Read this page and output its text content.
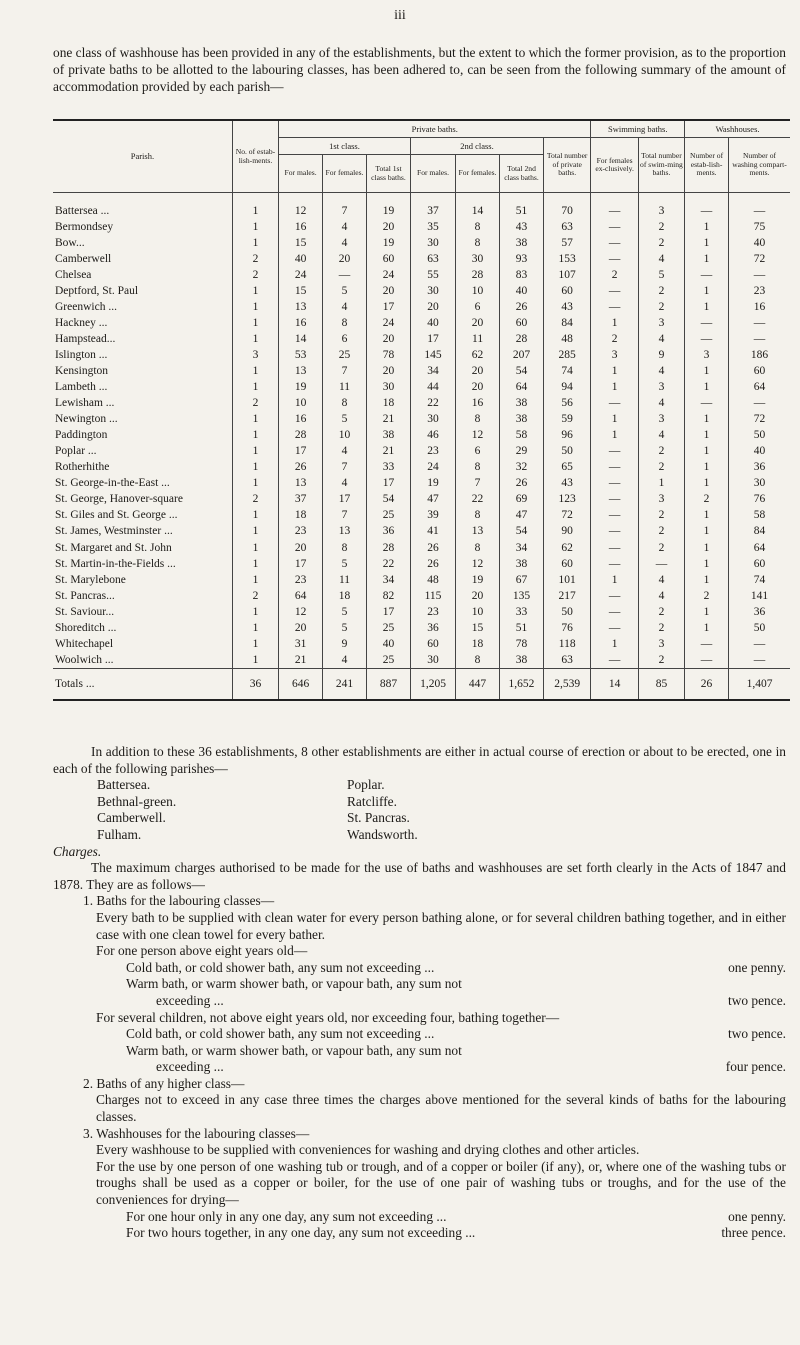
iii
one class of washhouse has been provided in any of the establishments, but the extent to which the former provision, as to the proportion of private baths to be allotted to the labouring classes, has been adhered to, can be seen from the following summary of the amount of accommodation provided by each parish—
Parish.	No. of estab-lish-ments.	Private baths.							Swimming baths.		Washhouses.	
		1st class.			2nd class.			Total number of private baths.	For females ex-clusively.	Total number of swim-ming baths.	Number of estab-lish-ments.	Number of washing compart-ments.
		For males.	For females.	Total 1st class baths.	For males.	For females.	Total 2nd class baths.					

Battersea ...	1	12	7	19	37	14	51	70	—	3	—	—
Bermondsey	1	16	4	20	35	8	43	63	—	2	1	75
Bow...	1	15	4	19	30	8	38	57	—	2	1	40
Camberwell	2	40	20	60	63	30	93	153	—	4	1	72
Chelsea	2	24	—	24	55	28	83	107	2	5	—	—
Deptford, St. Paul	1	15	5	20	30	10	40	60	—	2	1	23
Greenwich ...	1	13	4	17	20	6	26	43	—	2	1	16
Hackney ...	1	16	8	24	40	20	60	84	1	3	—	—
Hampstead...	1	14	6	20	17	11	28	48	2	4	—	—
Islington ...	3	53	25	78	145	62	207	285	3	9	3	186
Kensington	1	13	7	20	34	20	54	74	1	4	1	60
Lambeth ...	1	19	11	30	44	20	64	94	1	3	1	64
Lewisham ...	2	10	8	18	22	16	38	56	—	4	—	—
Newington ...	1	16	5	21	30	8	38	59	1	3	1	72
Paddington	1	28	10	38	46	12	58	96	1	4	1	50
Poplar ...	1	17	4	21	23	6	29	50	—	2	1	40
Rotherhithe	1	26	7	33	24	8	32	65	—	2	1	36
St. George-in-the-East ...	1	13	4	17	19	7	26	43	—	1	1	30
St. George, Hanover-square	2	37	17	54	47	22	69	123	—	3	2	76
St. Giles and St. George ...	1	18	7	25	39	8	47	72	—	2	1	58
St. James, Westminster ...	1	23	13	36	41	13	54	90	—	2	1	84
St. Margaret and St. John	1	20	8	28	26	8	34	62	—	2	1	64
St. Martin-in-the-Fields ...	1	17	5	22	26	12	38	60	—	—	1	60
St. Marylebone	1	23	11	34	48	19	67	101	1	4	1	74
St. Pancras...	2	64	18	82	115	20	135	217	—	4	2	141
St. Saviour...	1	12	5	17	23	10	33	50	—	2	1	36
Shoreditch ...	1	20	5	25	36	15	51	76	—	2	1	50
Whitechapel	1	31	9	40	60	18	78	118	1	3	—	—
Woolwich ...	1	21	4	25	30	8	38	63	—	2	—	—
Totals ...	36	646	241	887	1,205	447	1,652	2,539	14	85	26	1,407

In addition to these 36 establishments, 8 other establishments are either in actual course of erection or about to be erected, one in each of the following parishes—

Battersea.	Poplar.
Bethnal-green.	Ratcliffe.
Camberwell.	St. Pancras.
Fulham.	Wandsworth.

Charges.

The maximum charges authorised to be made for the use of baths and washhouses are set forth clearly in the Acts of 1847 and 1878. They are as follows—

1. Baths for the labouring classes—

Every bath to be supplied with clean water for every person bathing alone, or for several children bathing together, and in either case with one clean towel for every bather.

For one person above eight years old—

Cold bath, or cold shower bath, any sum not exceeding ...	one penny.
Warm bath, or warm shower bath, or vapour bath, any sum not
exceeding ...	two pence.

For several children, not above eight years old, nor exceeding four, bathing together—

Cold bath, or cold shower bath, any sum not exceeding ...	two pence.
Warm bath, or warm shower bath, or vapour bath, any sum not
exceeding ...	four pence.

2. Baths of any higher class—

Charges not to exceed in any case three times the charges above mentioned for the several kinds of baths for the labouring classes.

3. Washhouses for the labouring classes—

Every washhouse to be supplied with conveniences for washing and drying clothes and other articles.

For the use by one person of one washing tub or trough, and of a copper or boiler (if any), or, where one of the washing tubs or troughs shall be used as a copper or boiler, for the use of one pair of washing tubs or troughs, and for the use of the conveniences for drying—

For one hour only in any one day, any sum not exceeding ...	one penny.
For two hours together, in any one day, any sum not exceeding ...	three pence.
